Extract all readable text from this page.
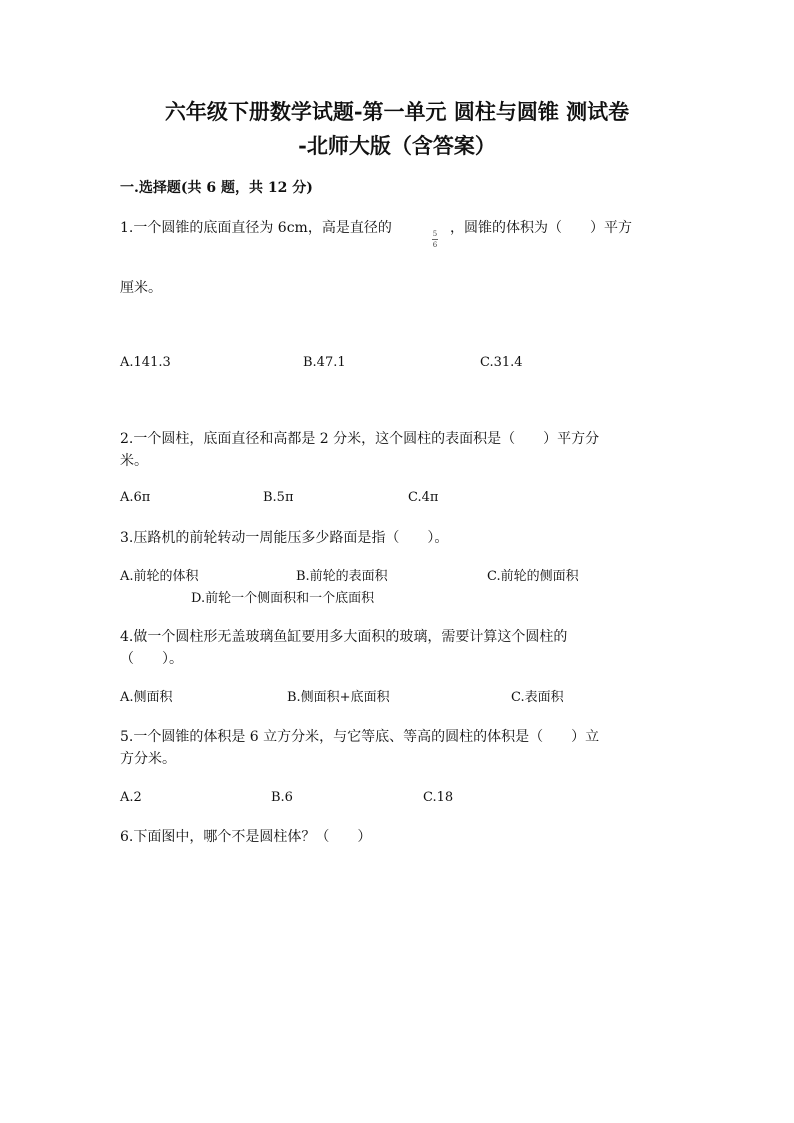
六年级下册数学试题-第一单元 圆柱与圆锥 测试卷
-北师大版（含答案）

一.选择题(共 6 题，共 12 分)

1.一个圆锥的底面直径为 6cm，高是直径的	5
6
，圆锥的体积为（　　）平方
厘米。
A.141.3	B.47.1	C.31.4
2.一个圆柱，底面直径和高都是 2 分米，这个圆柱的表面积是（　　）平方分
米。
A.6π	B.5π	C.4π
3.压路机的前轮转动一周能压多少路面是指（　　）。
A.前轮的体积	B.前轮的表面积	C.前轮的侧面积
D.前轮一个侧面积和一个底面积
4.做一个圆柱形无盖玻璃鱼缸要用多大面积的玻璃，需要计算这个圆柱的
（　　）。
A.侧面积	B.侧面积+底面积	C.表面积
5.一个圆锥的体积是 6 立方分米，与它等底、等高的圆柱的体积是（　　）立
方分米。
A.2	B.6	C.18
6.下面图中，哪个不是圆柱体？（　　）
